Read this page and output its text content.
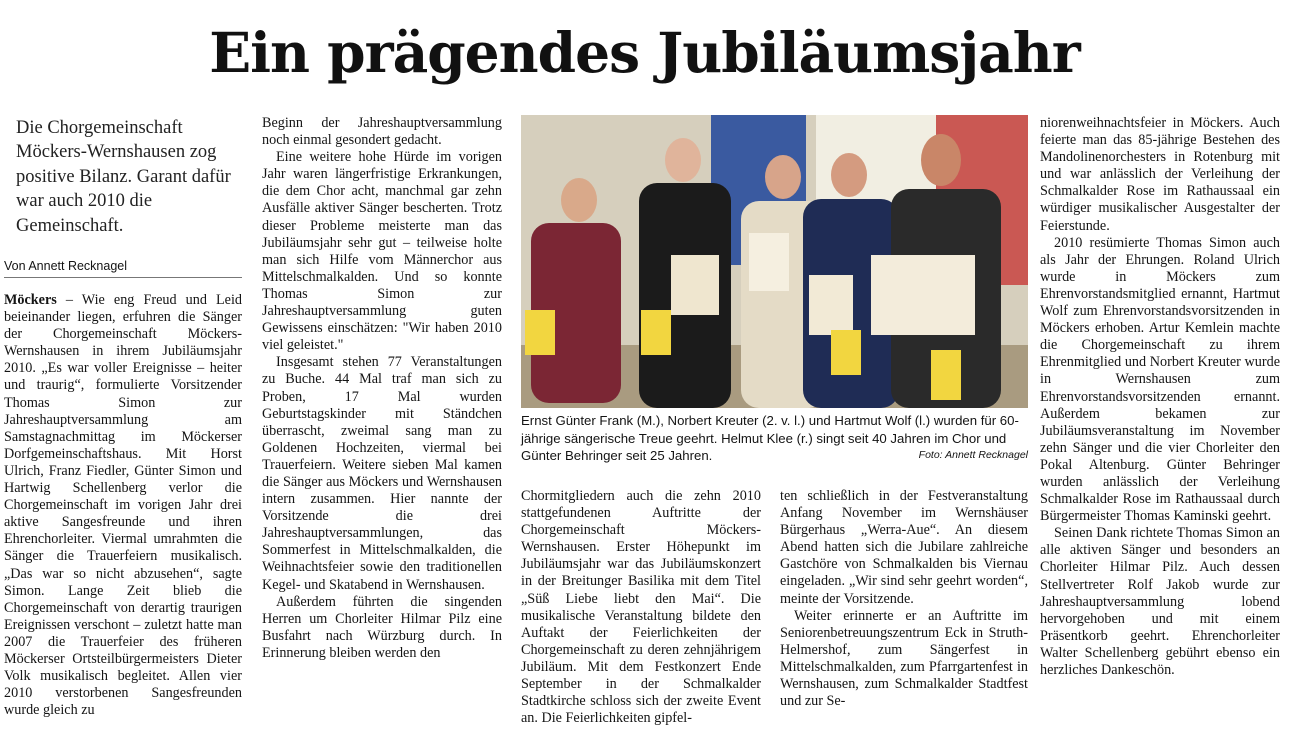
Ein prägendes Jubiläumsjahr
Die Chorgemeinschaft Möckers-Wernshausen zog positive Bilanz. Garant dafür war auch 2010 die Gemeinschaft.
Von Annett Recknagel

Möckers – Wie eng Freud und Leid beieinander liegen, erfuhren die Sänger der Chorgemeinschaft Möckers-Wernshausen in ihrem Jubiläumsjahr 2010. „Es war voller Ereignisse – heiter und traurig“, formulierte Vorsitzender Thomas Simon zur Jahreshauptversammlung am Samstagnachmittag im Möckerser Dorfgemeinschaftshaus. Mit Horst Ulrich, Franz Fiedler, Günter Simon und Hartwig Schellenberg verlor die Chorgemeinschaft im vorigen Jahr drei aktive Sangesfreunde und ihren Ehrenchorleiter. Viermal umrahmten die Sänger die Trauerfeiern musikalisch. „Das war so nicht abzusehen“, sagte Simon. Lange Zeit blieb die Chorgemeinschaft von derartig traurigen Ereignissen verschont – zuletzt hatte man 2007 die Trauerfeier des früheren Möckerser Ortsteilbürgermeisters Dieter Volk musikalisch begleitet. Allen vier 2010 verstorbenen Sangesfreunden wurde gleich zu

Beginn der Jahreshauptversammlung noch einmal gesondert gedacht.

Eine weitere hohe Hürde im vorigen Jahr waren längerfristige Erkrankungen, die dem Chor acht, manchmal gar zehn Ausfälle aktiver Sänger bescherten. Trotz dieser Probleme meisterte man das Jubiläumsjahr sehr gut – teilweise holte man sich Hilfe vom Männerchor aus Mittelschmalkalden. Und so konnte Thomas Simon zur Jahreshauptversammlung guten Gewissens einschätzen: "Wir haben 2010 viel geleistet."

Insgesamt stehen 77 Veranstaltungen zu Buche. 44 Mal traf man sich zu Proben, 17 Mal wurden Geburtstagskinder mit Ständchen überrascht, zweimal sang man zu Goldenen Hochzeiten, viermal bei Trauerfeiern. Weitere sieben Mal kamen die Sänger aus Möckers und Wernshausen intern zusammen. Hier nannte der Vorsitzende die drei Jahreshauptversammlungen, das Sommerfest in Mittelschmalkalden, die Weihnachtsfeier sowie den traditionellen Kegel- und Skatabend in Wernshausen.

Außerdem führten die singenden Herren um Chorleiter Hilmar Pilz eine Busfahrt nach Würzburg durch. In Erinnerung bleiben werden den

Ernst Günter Frank (M.), Norbert Kreuter (2. v. l.) und Hartmut Wolf (l.) wurden für 60-jährige sängerische Treue geehrt. Helmut Klee (r.) singt seit 40 Jahren im Chor und Günter Behringer seit 25 Jahren.	Foto: Annett Recknagel

Chormitgliedern auch die zehn 2010 stattgefundenen Auftritte der Chorgemeinschaft Möckers-Wernshausen. Erster Höhepunkt im Jubiläumsjahr war das Jubiläumskonzert in der Breitunger Basilika mit dem Titel „Süß Liebe liebt den Mai“. Die musikalische Veranstaltung bildete den Auftakt der Feierlichkeiten der Chorgemeinschaft zu deren zehnjährigem Jubiläum. Mit dem Festkonzert Ende September in der Schmalkalder Stadtkirche schloss sich der zweite Event an. Die Feierlichkeiten gipfel-

ten schließlich in der Festveranstaltung Anfang November im Wernshäuser Bürgerhaus „Werra-Aue“. An diesem Abend hatten sich die Jubilare zahlreiche Gastchöre von Schmalkalden bis Viernau eingeladen. „Wir sind sehr geehrt worden“, meinte der Vorsitzende.

Weiter erinnerte er an Auftritte im Seniorenbetreuungszentrum Eck in Struth-Helmershof, zum Sängerfest in Mittelschmalkalden, zum Pfarrgartenfest in Wernshausen, zum Schmalkalder Stadtfest und zur Se-

niorenweihnachtsfeier in Möckers. Auch feierte man das 85-jährige Bestehen des Mandolinenorchesters in Rotenburg mit und war anlässlich der Verleihung der Schmalkalder Rose im Rathaussaal ein würdiger musikalischer Ausgestalter der Feierstunde.

2010 resümierte Thomas Simon auch als Jahr der Ehrungen. Roland Ulrich wurde in Möckers zum Ehrenvorstandsmitglied ernannt, Hartmut Wolf zum Ehrenvorstandsvorsitzenden in Möckers erhoben. Artur Kemlein machte die Chorgemeinschaft zu ihrem Ehrenmitglied und Norbert Kreuter wurde in Wernshausen zum Ehrenvorstandsvorsitzenden ernannt. Außerdem bekamen zur Jubiläumsveranstaltung im November zehn Sänger und die vier Chorleiter den Pokal Altenburg. Günter Behringer wurden anlässlich der Verleihung Schmalkalder Rose im Rathaussaal durch Bürgermeister Thomas Kaminski geehrt.

Seinen Dank richtete Thomas Simon an alle aktiven Sänger und besonders an Chorleiter Hilmar Pilz. Auch dessen Stellvertreter Rolf Jakob wurde zur Jahreshauptversammlung lobend hervorgehoben und mit einem Präsentkorb geehrt. Ehrenchorleiter Walter Schellenberg gebührt ebenso ein herzliches Dankeschön.
